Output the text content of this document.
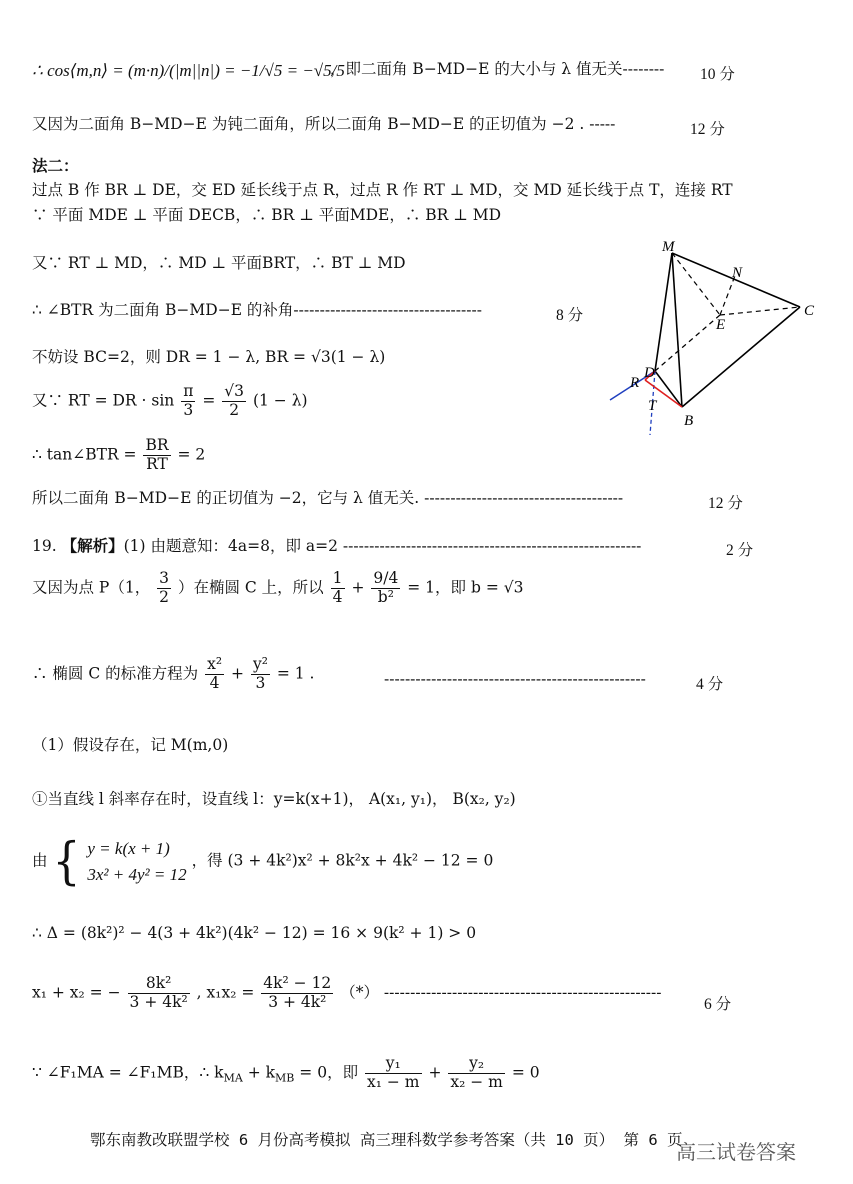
∴ cos⟨m,n⟩ = (m·n)/(|m||n|) = −1/√5 = −√5/5
，即二面角 B−MD−E 的大小与 λ 值无关-------- 10 分
又因为二面角 B−MD−E 为钝二面角，所以二面角 B−MD−E 的正切值为 −2 . -----	12 分
法二：
过点 B 作 BR ⊥ DE，交 ED 延长线于点 R，过点 R 作 RT ⊥ MD，交 MD 延长线于点 T，连接 RT
∵ 平面 MDE ⊥ 平面 DECB，∴ BR ⊥ 平面MDE，∴ BR ⊥ MD
又∵ RT ⊥ MD，∴ MD ⊥ 平面BRT，∴ BT ⊥ MD
∴ ∠BTR 为二面角 B−MD−E 的补角------------------------------------	8 分
不妨设 BC=2，则 DR = 1 − λ, BR = √3(1 − λ)
又∵ RT = DR · $\sin \frac{\pi}{3} = \frac{√3}{2} (1 - \lambda)$
∴ tan∠BTR = $\frac{BR}{RT} = 2$
所以二面角 B−MD−E 的正切值为 −2，它与 λ 值无关. --------------------------------------	12 分
19. 【解析】(1) 由题意知：4a=8，即 a=2 ---------------------------------------------------------	2 分
又因为点 P（1， $\frac{3}{2}$ ）在椭圆 C 上，所以 $\frac{1}{4} + \frac{9/4}{\text{b²}} = 1$，即 b = √3
∴ 椭圆 C 的标准方程为 $\frac{\text{x²}}{4} + \frac{\text{y²}}{3} = 1$ .	--------------------------------------------------	4 分
（1）假设存在，记 M(m,0)
①当直线 l 斜率存在时，设直线 l：y=k(x+1)， A(x₁, y₁)， B(x₂, y₂)
由 { y = k(x + 1)
3x² + 4y² = 12
，得 (3 + 4k²)x² + 8k²x + 4k² − 12 = 0
∴ Δ = (8k²)² − 4(3 + 4k²)(4k² − 12) = 16 × 9(k² + 1) > 0
x₁ + x₂ = − $\frac{\text{8k²}}{\text{3 + 4k²}}$ , $x_1x_2 = \frac{\text{4k² − 12}}{\text{3 + 4k²}}$ （*） -----------------------------------------------------
6 分
∵ ∠F₁MA = ∠F₁MB，∴ $k_{MA} + k_{MB} = 0$，即 $\frac{\text{y₁}}{\text{x₁ − m}} + \frac{\text{y₂}}{\text{x₂ − m}} = 0$
M
N
C
E
R
D
T
B
鄂东南教改联盟学校 6 月份高考模拟 高三理科数学参考答案（共 10 页） 第 6 页
高三试卷答案
